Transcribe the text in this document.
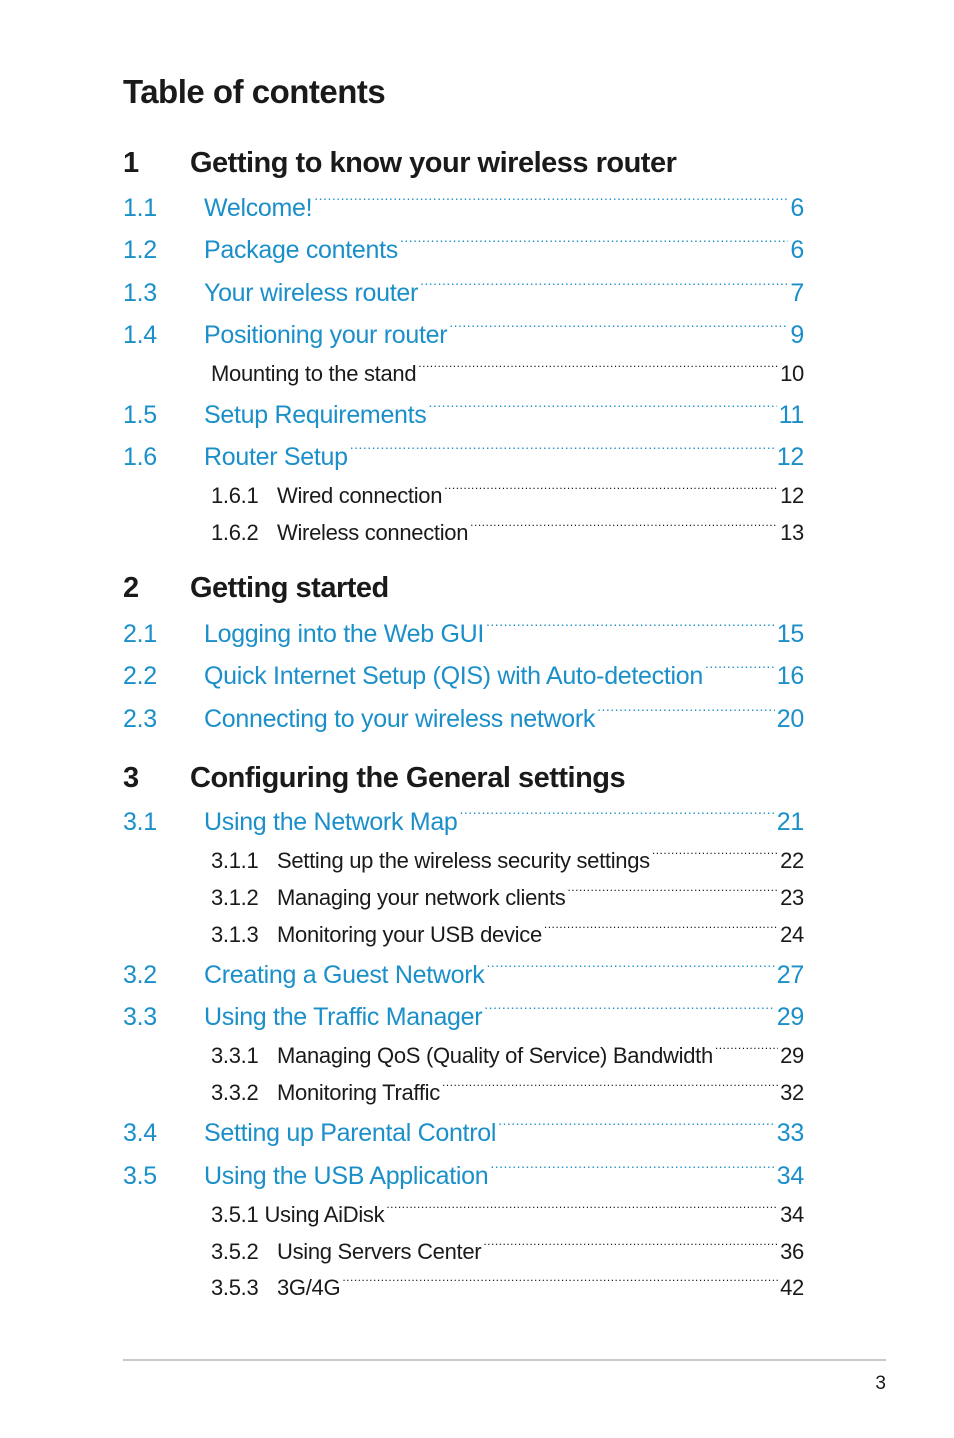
Table of contents
1 Getting to know your wireless router
1.1	Welcome! .....	6
1.2	Package contents .....	6
1.3	Your wireless router .....	7
1.4	Positioning your router .....	9
Mounting to the stand .....	10
1.5	Setup Requirements .....	11
1.6	Router Setup .....	12
1.6.1 Wired connection .....	12
1.6.2 Wireless connection .....	13
2 Getting started
2.1	Logging into the Web GUI .....	15
2.2	Quick Internet Setup (QIS) with Auto-detection .....	16
2.3	Connecting to your wireless network .....	20
3 Configuring the General settings
3.1	Using the Network Map .....	21
3.1.1 Setting up the wireless security settings .....	22
3.1.2 Managing your network clients .....	23
3.1.3 Monitoring your USB device .....	24
3.2	Creating a Guest Network .....	27
3.3	Using the Traffic Manager .....	29
3.3.1 Managing QoS (Quality of Service) Bandwidth .....	29
3.3.2 Monitoring Traffic .....	32
3.4	Setting up Parental Control .....	33
3.5	Using the USB Application .....	34
3.5.1 Using AiDisk .....	34
3.5.2 Using Servers Center .....	36
3.5.3 3G/4G .....	42
3
